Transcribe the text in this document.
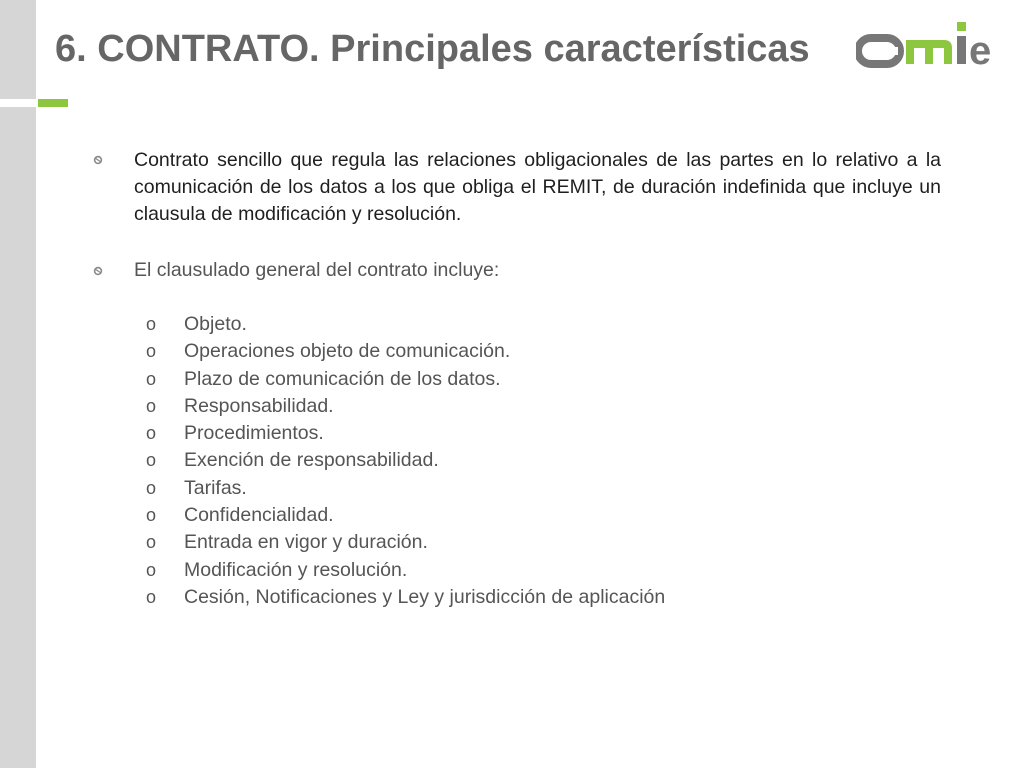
6. CONTRATO. Principales características	e

Contrato sencillo que regula las relaciones obligacionales de las partes en lo relativo a la comunicación de los datos a los que obliga el REMIT, de duración indefinida que incluye un clausula de modificación y resolución.

El clausulado general del contrato incluye:

o Objeto.
o Operaciones objeto de comunicación.
o Plazo de comunicación de los datos.
o Responsabilidad.
o Procedimientos.
o Exención de responsabilidad.
o Tarifas.
o Confidencialidad.
o Entrada en vigor y duración.
o Modificación y resolución.
o Cesión, Notificaciones y Ley y jurisdicción de aplicación
